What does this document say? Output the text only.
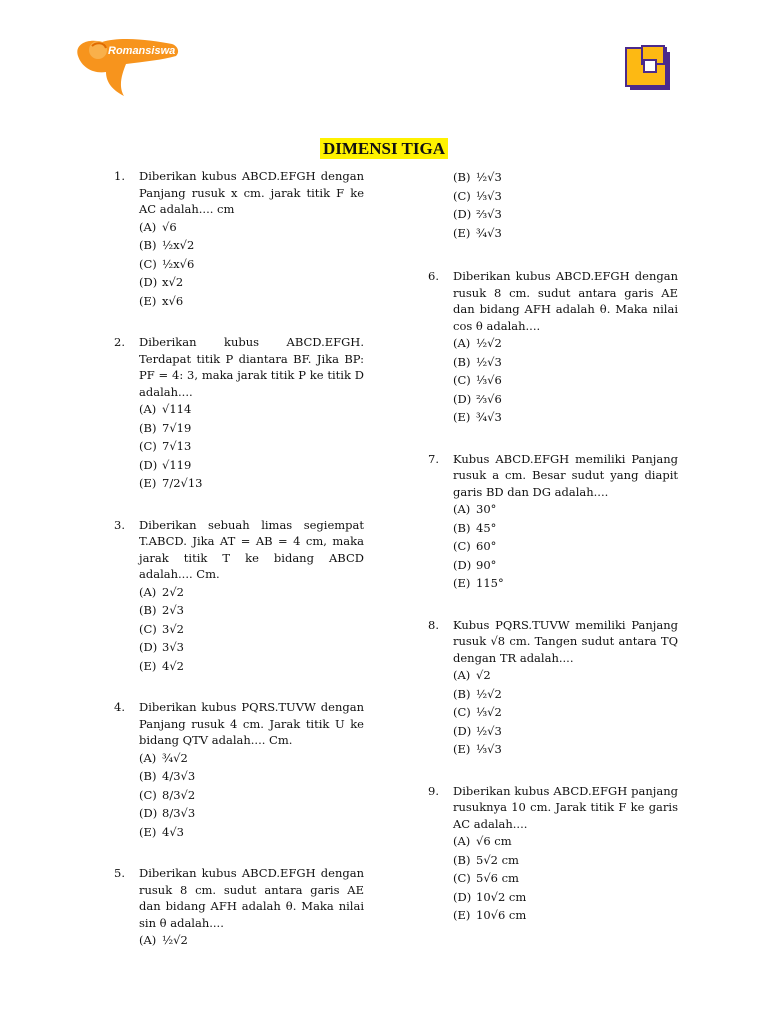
Romansiswa
DIMENSI TIGA
1.	Diberikan kubus ABCD.EFGH dengan Panjang rusuk x cm. jarak titik F ke AC adalah.... cm
(A) √6
(B) ½x√2
(C) ½x√6
(D) x√2
(E) x√6
2.	Diberikan kubus ABCD.EFGH. Terdapat titik P diantara BF. Jika BP: PF = 4: 3, maka jarak titik P ke titik D adalah....
(A) √114
(B) 7√19
(C) 7√13
(D) √119
(E) 7/2√13
3.	Diberikan sebuah limas segiempat T.ABCD. Jika AT = AB = 4 cm, maka jarak titik T ke bidang ABCD adalah.... Cm.
(A) 2√2
(B) 2√3
(C) 3√2
(D) 3√3
(E) 4√2
4.	Diberikan kubus PQRS.TUVW dengan Panjang rusuk 4 cm. Jarak titik U ke bidang QTV adalah.... Cm.
(A) ¾√2
(B) 4/3√3
(C) 8/3√2
(D) 8/3√3
(E) 4√3
5.	Diberikan kubus ABCD.EFGH dengan rusuk 8 cm. sudut antara garis AE dan bidang AFH adalah θ. Maka nilai sin θ adalah....
(A) ½√2
(B) ½√3
(C) ⅓√3
(D) ⅔√3
(E) ¾√3
6.	Diberikan kubus ABCD.EFGH dengan rusuk 8 cm. sudut antara garis AE dan bidang AFH adalah θ. Maka nilai cos θ adalah....
(A) ½√2
(B) ½√3
(C) ⅓√6
(D) ⅔√6
(E) ¾√3
7.	Kubus ABCD.EFGH memiliki Panjang rusuk a cm. Besar sudut yang diapit garis BD dan DG adalah....
(A) 30°
(B) 45°
(C) 60°
(D) 90°
(E) 115°
8.	Kubus PQRS.TUVW memiliki Panjang rusuk √8 cm. Tangen sudut antara TQ dengan TR adalah....
(A) √2
(B) ½√2
(C) ⅓√2
(D) ½√3
(E) ⅓√3
9.	Diberikan kubus ABCD.EFGH panjang rusuknya 10 cm. Jarak titik F ke garis AC adalah....
(A) √6 cm
(B) 5√2 cm
(C) 5√6 cm
(D) 10√2 cm
(E) 10√6 cm
